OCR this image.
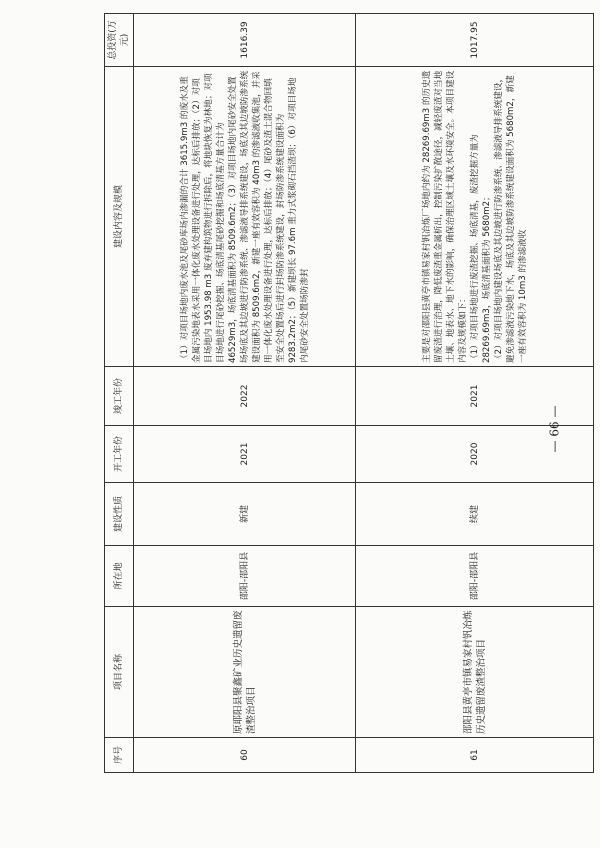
序号	项目名称	所在地	建设性质	开工年份	竣工年份	建设内容及规模	总投资(万元)
60	原耶阳县聚鑫矿业历史遗留废渣整治项目	邵阳-邵阳县	新建	2021	2022	（1）对项目场地内废水池及尾砂库场内渗漏的合计 3615.9m3 的废水及重金属污染地表水采用一体化废水处理设备进行处理，达标后排放；（2）对项目场地内 1953.98 m3 废弃建构筑物进行拆除后，将地块恢复为林地；对项目场地进行尾砂挖掘、场底清基尾砂挖掘和场底清基方量合计为 46529m3，场底清基面积为 8509.6m2；（3）对项目场地内尾砂安全处置场场底及其边坡进行防渗系统、渗滤液导排系统建设，场底及其边坡防渗系统建设面积为 8509.6m2，新建一座有效容积为 40m3 的渗滤液收集池，并采用一体化废水处理设备进行处理，达标后排放；（4）尾砂及渣土混合物回填至安全处置场后进行封场防渗系统建设，封场防渗系统建设面积为 9283.2m2；（5）新建坝长 97.6m 重力式浆砌石挡渣坝；（6）对项目场地内尾砂安全处置场防渗封	1616.39
61	邵阳县黄亭市镇易家村钒冶炼历史遗留废渣整治项目	邵阳-邵阳县	续建	2020	2021	主要是对邵阳县黄亭市镇易家村钒冶炼厂场地内约为 28269.69m3 的历史遗留废渣进行治理，降低废渣重金属析出，控制污染扩散途径，减轻废渣对当地土壤、地表水、地下水的影响，确保治理区域土壤及水环境安全。本项目建设内容及规模如下： （1）对项目场地进行废渣挖掘、场底清基，废渣挖掘方量为 28269.69m3，场底清基面积为 5680m2； （2）对项目场地内建设场底及其边坡进行防渗系统、渗滤液导排系统建设，避免渗滤液污染地下水，场底及其边坡防渗系统建设面积为 5680m2，新建一座有效容积为 10m3 的渗滤液收	1017.95
— 66 —
